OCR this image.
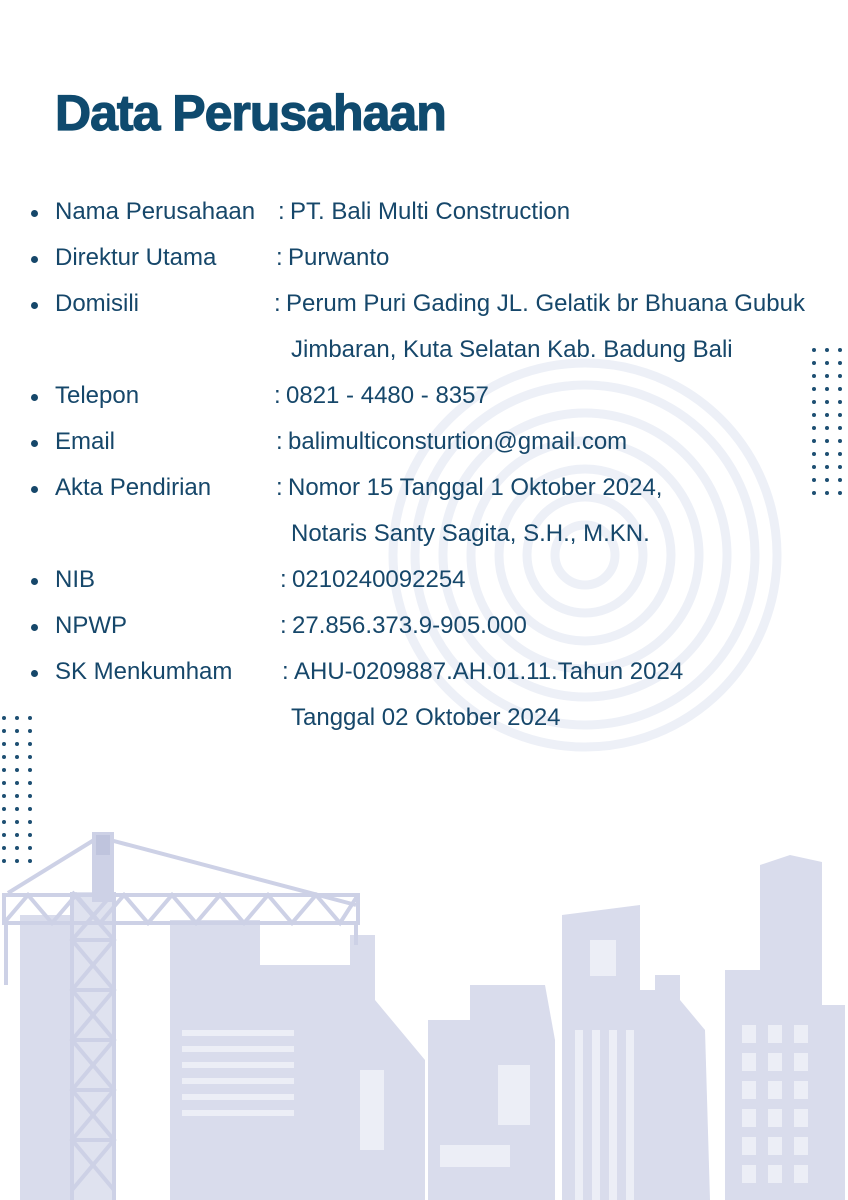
Data Perusahaan
Nama Perusahaan : PT. Bali Multi Construction
Direktur Utama : Purwanto
Domisili	: Perum Puri Gading JL. Gelatik br Bhuana Gubuk
Jimbaran, Kuta Selatan Kab. Badung Bali
Telepon	: 0821 - 4480 - 8357
Email	: balimulticonsturtion@gmail.com
Akta Pendirian	: Nomor 15 Tanggal 1 Oktober 2024,
Notaris Santy Sagita, S.H., M.KN.
NIB	: 0210240092254
NPWP	: 27.856.373.9-905.000
SK Menkumham : AHU-0209887.AH.01.11.Tahun 2024
Tanggal 02 Oktober 2024
